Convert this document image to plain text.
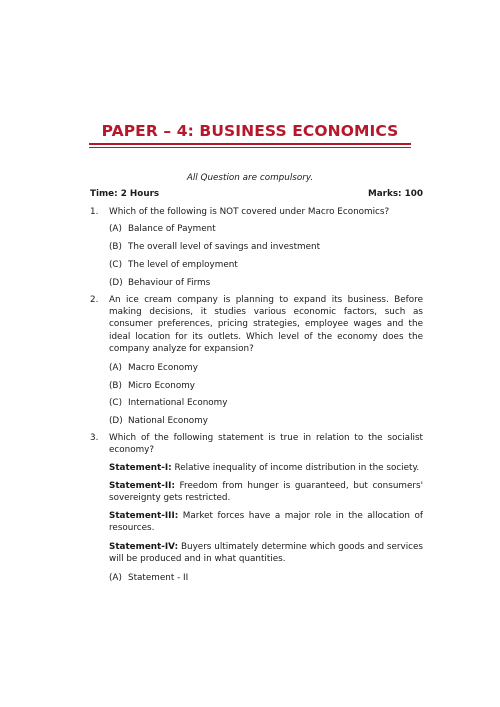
PAPER – 4: BUSINESS ECONOMICS
All Question are compulsory.
Time: 2 Hours	Marks: 100
1. Which of the following is NOT covered under Macro Economics?
(A) Balance of Payment
(B) The overall level of savings and investment
(C) The level of employment
(D) Behaviour of Firms
2. An ice cream company is planning to expand its business. Before making decisions, it studies various economic factors, such as consumer preferences, pricing strategies, employee wages and the ideal location for its outlets. Which level of the economy does the company analyze for expansion?
(A) Macro Economy
(B) Micro Economy
(C) International Economy
(D) National Economy
3. Which of the following statement is true in relation to the socialist economy?
Statement-I: Relative inequality of income distribution in the society.
Statement-II: Freedom from hunger is guaranteed, but consumers' sovereignty gets restricted.
Statement-III: Market forces have a major role in the allocation of resources.
Statement-IV: Buyers ultimately determine which goods and services will be produced and in what quantities.
(A) Statement - II
